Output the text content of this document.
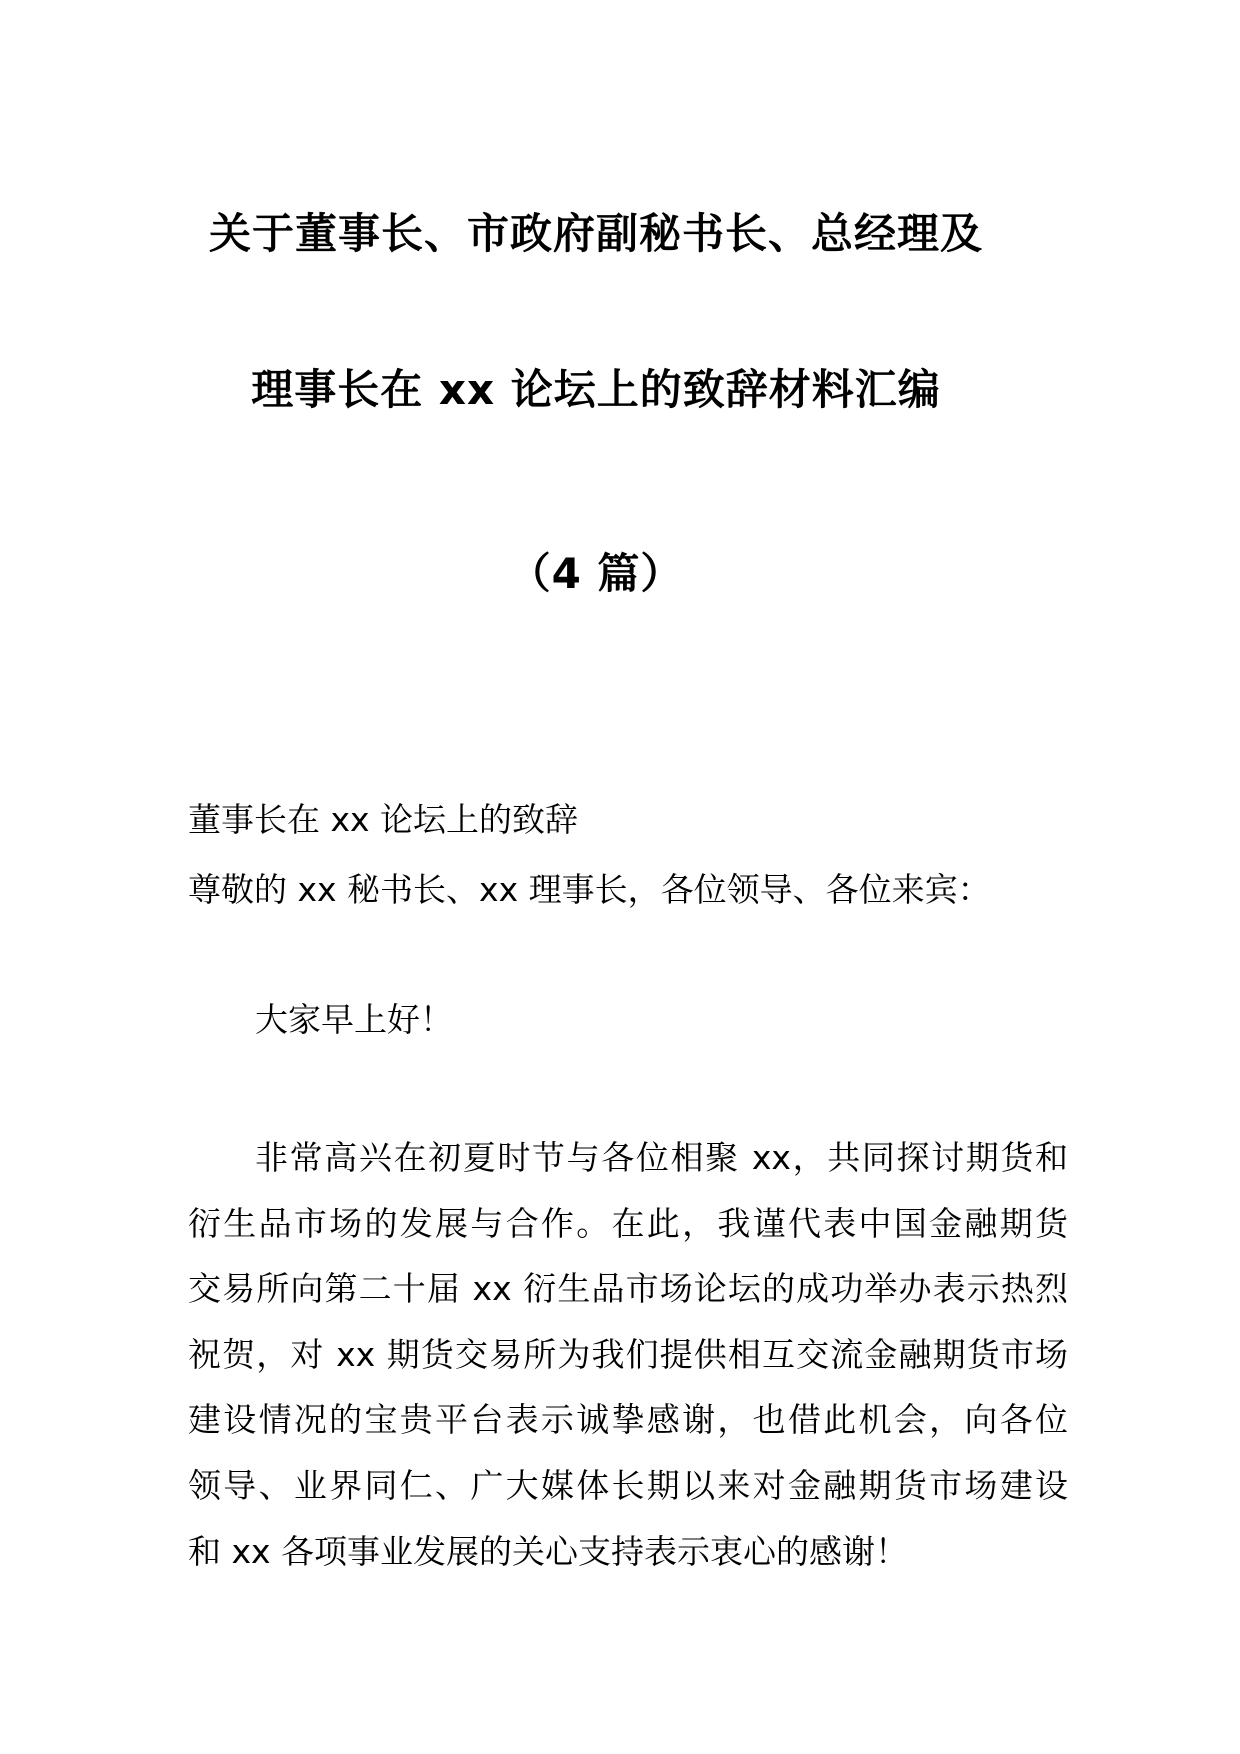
关于董事长、市政府副秘书长、总经理及
理事长在 xx 论坛上的致辞材料汇编
（4 篇）
董事长在 xx 论坛上的致辞
尊敬的 xx 秘书长、xx 理事长，各位领导、各位来宾：
大家早上好！
非常高兴在初夏时节与各位相聚 xx，共同探讨期货和
衍生品市场的发展与合作。在此，我谨代表中国金融期货
交易所向第二十届 xx 衍生品市场论坛的成功举办表示热烈
祝贺，对 xx 期货交易所为我们提供相互交流金融期货市场
建设情况的宝贵平台表示诚挚感谢，也借此机会，向各位
领导、业界同仁、广大媒体长期以来对金融期货市场建设
和 xx 各项事业发展的关心支持表示衷心的感谢！
